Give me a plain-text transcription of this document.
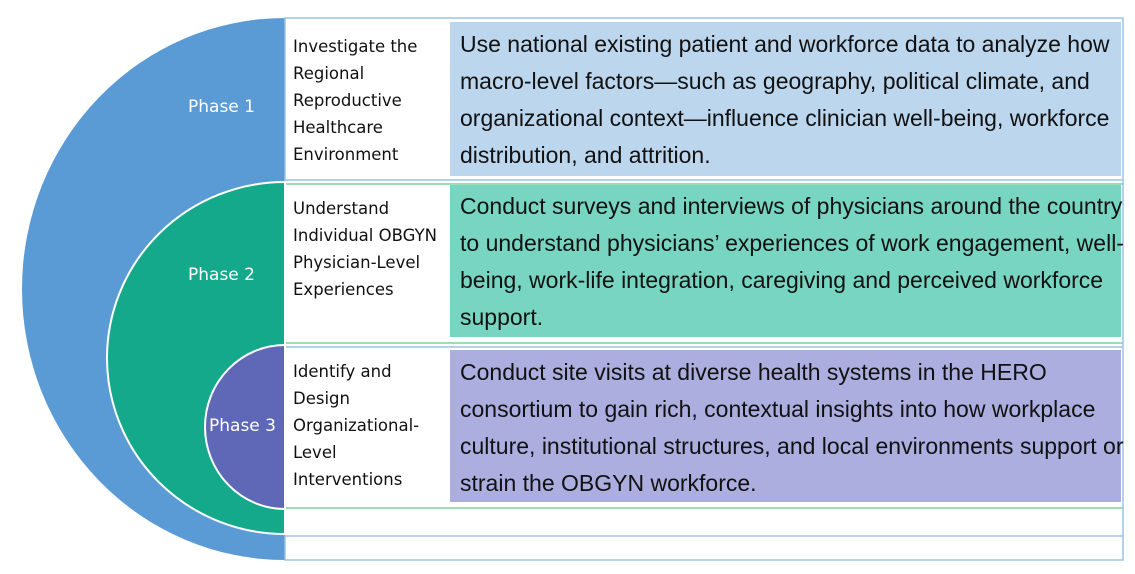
Phase 1
Phase 2
Phase 3
Investigate the Regional Reproductive Healthcare Environment
Understand Individual OBGYN Physician-Level Experiences
Identify and Design Organizational-Level Interventions
Use national existing patient and workforce data to analyze how macro-level factors—such as geography, political climate, and organizational context—influence clinician well-being, workforce distribution, and attrition.
Conduct surveys and interviews of physicians around the country to understand physicians’ experiences of work engagement, well-being, work-life integration, caregiving and perceived workforce support.
Conduct site visits at diverse health systems in the HERO consortium to gain rich, contextual insights into how workplace culture, institutional structures, and local environments support or strain the OBGYN workforce.
